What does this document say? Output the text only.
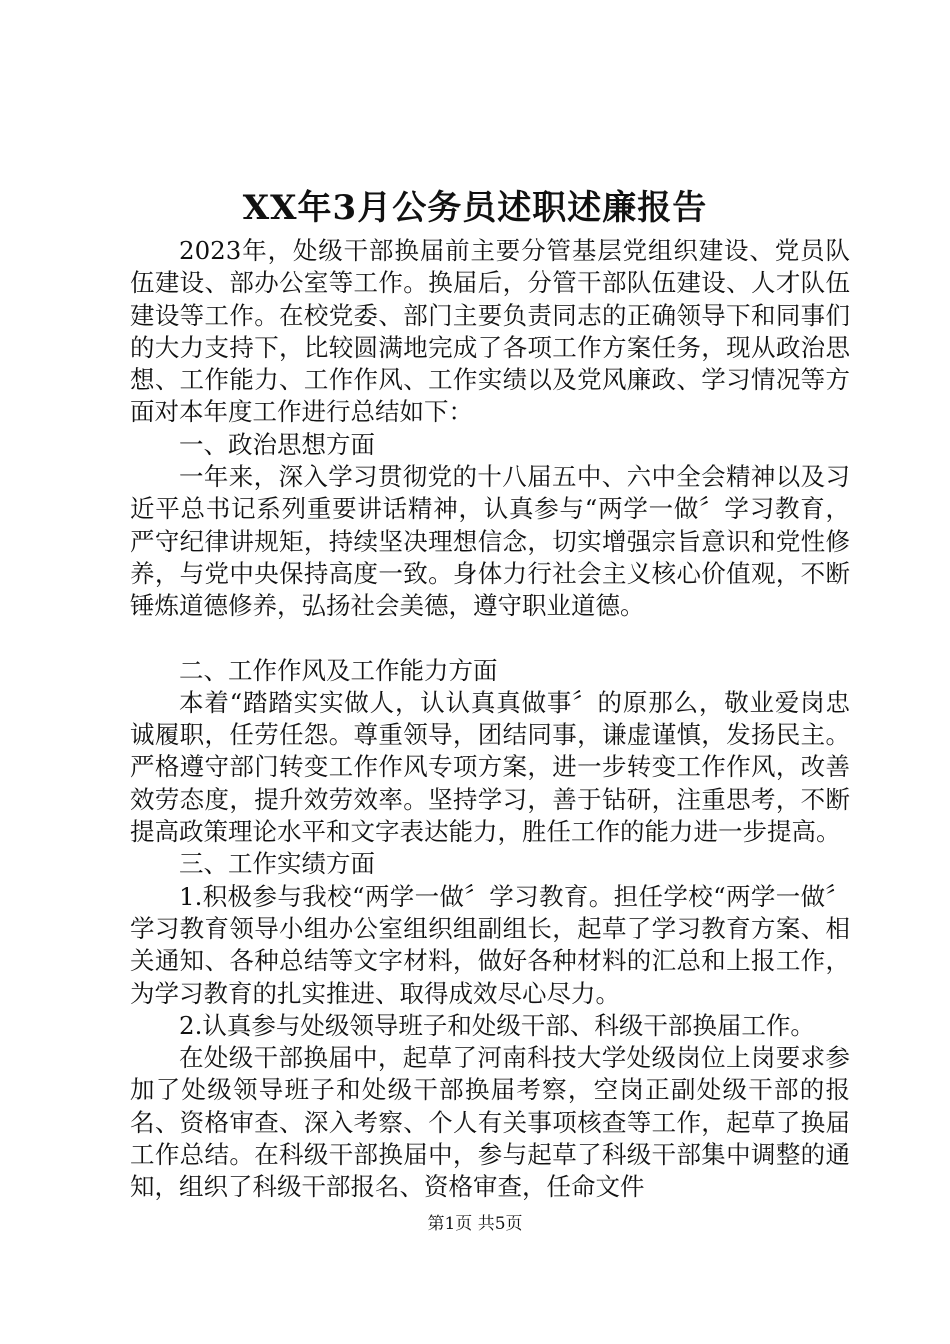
XX年3月公务员述职述廉报告

2023年，处级干部换届前主要分管基层党组织建设、党员队伍建设、部办公室等工作。换届后，分管干部队伍建设、人才队伍建设等工作。在校党委、部门主要负责同志的正确领导下和同事们的大力支持下，比较圆满地完成了各项工作方案任务，现从政治思想、工作能力、工作作风、工作实绩以及党风廉政、学习情况等方面对本年度工作进行总结如下：

一、政治思想方面

一年来，深入学习贯彻党的十八届五中、六中全会精神以及习近平总书记系列重要讲话精神，认真参与“两学一做〞学习教育，严守纪律讲规矩，持续坚决理想信念，切实增强宗旨意识和党性修养，与党中央保持高度一致。身体力行社会主义核心价值观，不断锤炼道德修养，弘扬社会美德，遵守职业道德。

二、工作作风及工作能力方面

本着“踏踏实实做人，认认真真做事〞的原那么，敬业爱岗忠诚履职，任劳任怨。尊重领导，团结同事，谦虚谨慎，发扬民主。严格遵守部门转变工作作风专项方案，进一步转变工作作风，改善效劳态度，提升效劳效率。坚持学习，善于钻研，注重思考，不断提高政策理论水平和文字表达能力，胜任工作的能力进一步提高。

三、工作实绩方面

1.积极参与我校“两学一做〞学习教育。担任学校“两学一做〞学习教育领导小组办公室组织组副组长，起草了学习教育方案、相关通知、各种总结等文字材料，做好各种材料的汇总和上报工作，为学习教育的扎实推进、取得成效尽心尽力。

2.认真参与处级领导班子和处级干部、科级干部换届工作。

在处级干部换届中，起草了河南科技大学处级岗位上岗要求参加了处级领导班子和处级干部换届考察，空岗正副处级干部的报名、资格审查、深入考察、个人有关事项核查等工作，起草了换届工作总结。在科级干部换届中，参与起草了科级干部集中调整的通知，组织了科级干部报名、资格审查，任命文件

第1页 共5页
